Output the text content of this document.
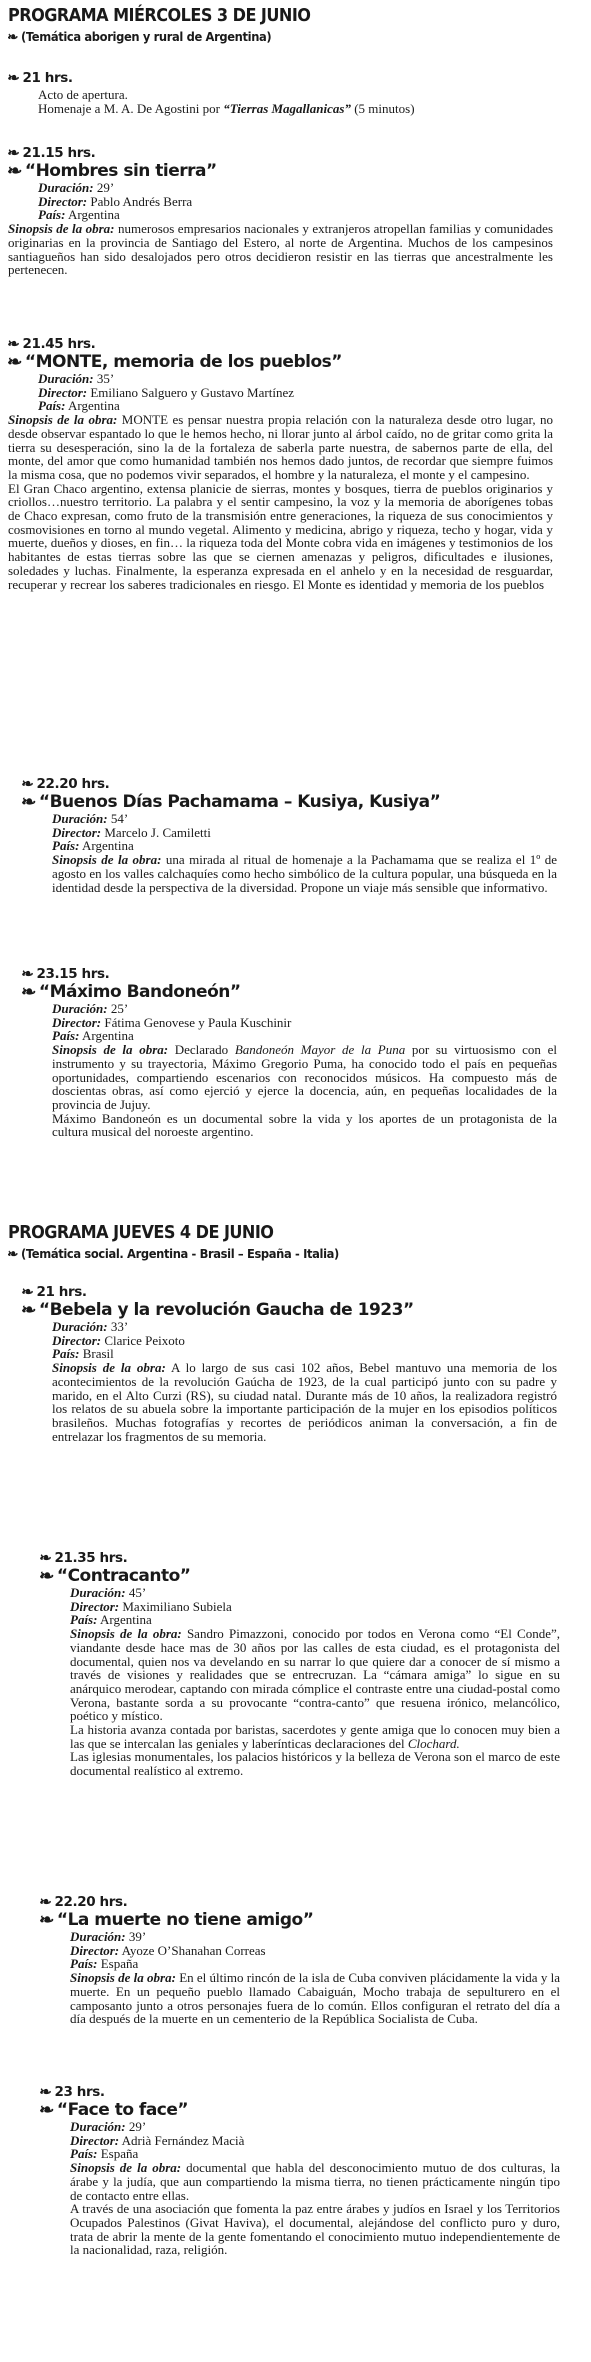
PROGRAMA MIÉRCOLES 3 DE JUNIO
❧ (Temática aborigen y rural de Argentina)
❧ 21 hrs.

Acto de apertura.

Homenaje a M. A. De Agostini por “Tierras Magallanicas” (5 minutos)

❧ 21.15 hrs.
❧ “Hombres sin tierra”

Duración: 29’

Director: Pablo Andrés Berra

País: Argentina

Sinopsis de la obra: numerosos empresarios nacionales y extranjeros atropellan familias y comunidades originarias en la provincia de Santiago del Estero, al norte de Argentina. Muchos de los campesinos santiagueños han sido desalojados pero otros decidieron resistir en las tierras que ancestralmente les pertenecen.

❧ 21.45 hrs.
❧ “MONTE, memoria de los pueblos”

Duración: 35’

Director: Emiliano Salguero y Gustavo Martínez

País: Argentina

Sinopsis de la obra: MONTE es pensar nuestra propia relación con la naturaleza desde otro lugar, no desde observar espantado lo que le hemos hecho, ni llorar junto al árbol caído, no de gritar como grita la tierra su desesperación, sino la de la fortaleza de saberla parte nuestra, de sabernos parte de ella, del monte, del amor que como humanidad también nos hemos dado juntos, de recordar que siempre fuimos la misma cosa, que no podemos vivir separados, el hombre y la naturaleza, el monte y el campesino.

El Gran Chaco argentino, extensa planicie de sierras, montes y bosques, tierra de pueblos originarios y criollos…nuestro territorio. La palabra y el sentir campesino, la voz y la memoria de aborígenes tobas de Chaco expresan, como fruto de la transmisión entre generaciones, la riqueza de sus conocimientos y cosmovisiones en torno al mundo vegetal. Alimento y medicina, abrigo y riqueza, techo y hogar, vida y muerte, dueños y dioses, en fin… la riqueza toda del Monte cobra vida en imágenes y testimonios de los habitantes de estas tierras sobre las que se ciernen amenazas y peligros, dificultades e ilusiones, soledades y luchas. Finalmente, la esperanza expresada en el anhelo y en la necesidad de resguardar, recuperar y recrear los saberes tradicionales en riesgo. El Monte es identidad y memoria de los pueblos

❧ 22.20 hrs.
❧ “Buenos Días Pachamama – Kusiya, Kusiya”

Duración: 54’

Director: Marcelo J. Camiletti

País: Argentina

Sinopsis de la obra: una mirada al ritual de homenaje a la Pachamama que se realiza el 1º de agosto en los valles calchaquíes como hecho simbólico de la cultura popular, una búsqueda en la identidad desde la perspectiva de la diversidad. Propone un viaje más sensible que informativo.

❧ 23.15 hrs.
❧ “Máximo Bandoneón”

Duración: 25’

Director: Fátima Genovese y Paula Kuschinir

País: Argentina

Sinopsis de la obra: Declarado Bandoneón Mayor de la Puna por su virtuosismo con el instrumento y su trayectoria, Máximo Gregorio Puma, ha conocido todo el país en pequeñas oportunidades, compartiendo escenarios con reconocidos músicos. Ha compuesto más de doscientas obras, así como ejerció y ejerce la docencia, aún, en pequeñas localidades de la provincia de Jujuy.

Máximo Bandoneón es un documental sobre la vida y los aportes de un protagonista de la cultura musical del noroeste argentino.

PROGRAMA JUEVES 4 DE JUNIO
❧ (Temática social. Argentina - Brasil – España - Italia)
❧ 21 hrs.
❧ “Bebela y la revolución Gaucha de 1923”

Duración: 33’

Director: Clarice Peixoto

País: Brasil

Sinopsis de la obra: A lo largo de sus casi 102 años, Bebel mantuvo una memoria de los acontecimientos de la revolución Gaúcha de 1923, de la cual participó junto con su padre y marido, en el Alto Curzi (RS), su ciudad natal. Durante más de 10 años, la realizadora registró los relatos de su abuela sobre la importante participación de la mujer en los episodios políticos brasileños. Muchas fotografías y recortes de periódicos animan la conversación, a fin de entrelazar los fragmentos de su memoria.

❧ 21.35 hrs.
❧ “Contracanto”

Duración: 45’

Director: Maximiliano Subiela

País: Argentina

Sinopsis de la obra: Sandro Pimazzoni, conocido por todos en Verona como “El Conde”, viandante desde hace mas de 30 años por las calles de esta ciudad, es el protagonista del documental, quien nos va develando en su narrar lo que quiere dar a conocer de sí mismo a través de visiones y realidades que se entrecruzan. La “cámara amiga” lo sigue en su anárquico merodear, captando con mirada cómplice el contraste entre una ciudad-postal como Verona, bastante sorda a su provocante “contra-canto” que resuena irónico, melancólico, poético y místico.

La historia avanza contada por baristas, sacerdotes y gente amiga que lo conocen muy bien a las que se intercalan las geniales y laberínticas declaraciones del Clochard.

Las iglesias monumentales, los palacios históricos y la belleza de Verona son el marco de este documental realístico al extremo.

❧ 22.20 hrs.
❧ “La muerte no tiene amigo”

Duración: 39’

Director: Ayoze O’Shanahan Correas

País: España

Sinopsis de la obra: En el último rincón de la isla de Cuba conviven plácidamente la vida y la muerte. En un pequeño pueblo llamado Cabaiguán, Mocho trabaja de sepulturero en el camposanto junto a otros personajes fuera de lo común. Ellos configuran el retrato del día a día después de la muerte en un cementerio de la República Socialista de Cuba.

❧ 23 hrs.
❧ “Face to face”

Duración: 29’

Director: Adrià Fernández Macià

País: España

Sinopsis de la obra: documental que habla del desconocimiento mutuo de dos culturas, la árabe y la judía, que aun compartiendo la misma tierra, no tienen prácticamente ningún tipo de contacto entre ellas.

A través de una asociación que fomenta la paz entre árabes y judíos en Israel y los Territorios Ocupados Palestinos (Givat Haviva), el documental, alejándose del conflicto puro y duro, trata de abrir la mente de la gente fomentando el conocimiento mutuo independientemente de la nacionalidad, raza, religión.
